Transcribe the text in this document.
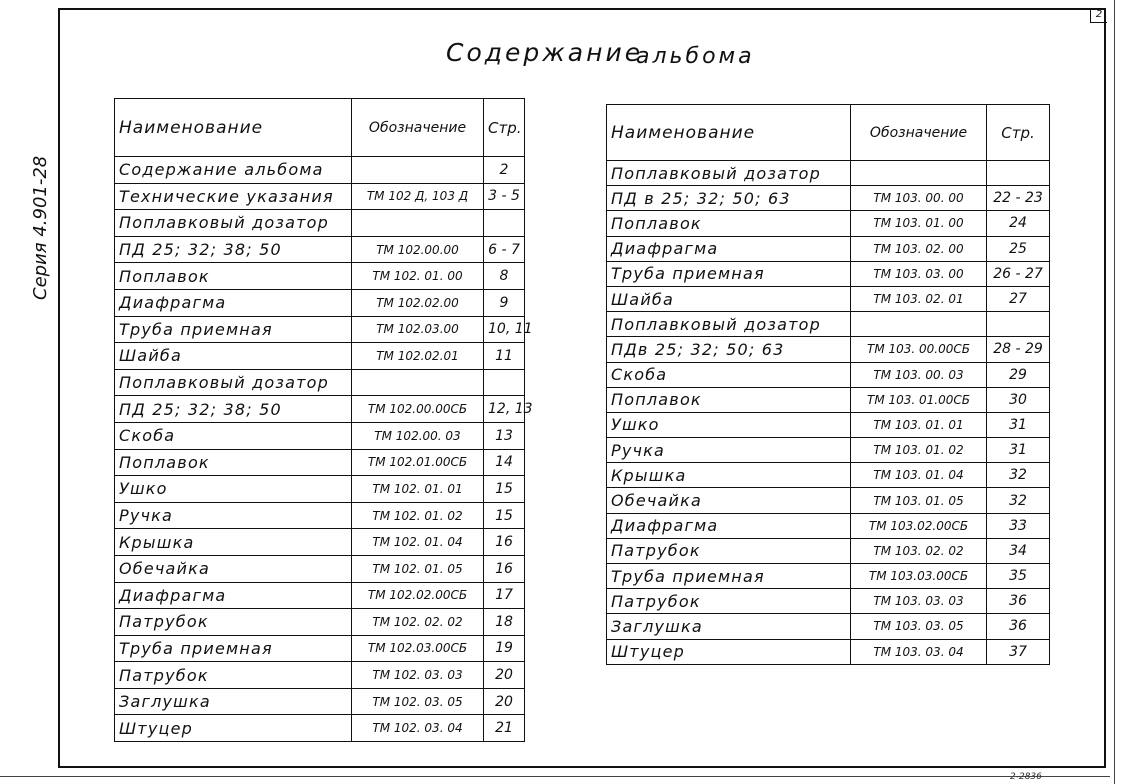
2
Серия 4.901-28
Содержание
альбома
Наименование	Обозначение	Стр.
Содержание альбома		2
Технические указания	ТМ 102 Д, 103 Д	3 - 5
Поплавковый дозатор		
ПД 25; 32; 38; 50	ТМ 102.00.00	6 - 7
Поплавок	ТМ 102. 01. 00	8
Диафрагма	ТМ 102.02.00	9
Труба приемная	ТМ 102.03.00	10, 11
Шайба	ТМ 102.02.01	11
Поплавковый дозатор		
ПД 25; 32; 38; 50	ТМ 102.00.00СБ	12, 13
Скоба	ТМ 102.00. 03	13
Поплавок	ТМ 102.01.00СБ	14
Ушко	ТМ 102. 01. 01	15
Ручка	ТМ 102. 01. 02	15
Крышка	ТМ 102. 01. 04	16
Обечайка	ТМ 102. 01. 05	16
Диафрагма	ТМ 102.02.00СБ	17
Патрубок	ТМ 102. 02. 02	18
Труба приемная	ТМ 102.03.00СБ	19
Патрубок	ТМ 102. 03. 03	20
Заглушка	ТМ 102. 03. 05	20
Штуцер	ТМ 102. 03. 04	21
Наименование	Обозначение	Стр.
Поплавковый дозатор		
ПД в 25; 32; 50; 63	ТМ 103. 00. 00	22 - 23
Поплавок	ТМ 103. 01. 00	24
Диафрагма	ТМ 103. 02. 00	25
Труба приемная	ТМ 103. 03. 00	26 - 27
Шайба	ТМ 103. 02. 01	27
Поплавковый дозатор		
ПДв 25; 32; 50; 63	ТМ 103. 00.00СБ	28 - 29
Скоба	ТМ 103. 00. 03	29
Поплавок	ТМ 103. 01.00СБ	30
Ушко	ТМ 103. 01. 01	31
Ручка	ТМ 103. 01. 02	31
Крышка	ТМ 103. 01. 04	32
Обечайка	ТМ 103. 01. 05	32
Диафрагма	ТМ 103.02.00СБ	33
Патрубок	ТМ 103. 02. 02	34
Труба приемная	ТМ 103.03.00СБ	35
Патрубок	ТМ 103. 03. 03	36
Заглушка	ТМ 103. 03. 05	36
Штуцер	ТМ 103. 03. 04	37
2-2836
